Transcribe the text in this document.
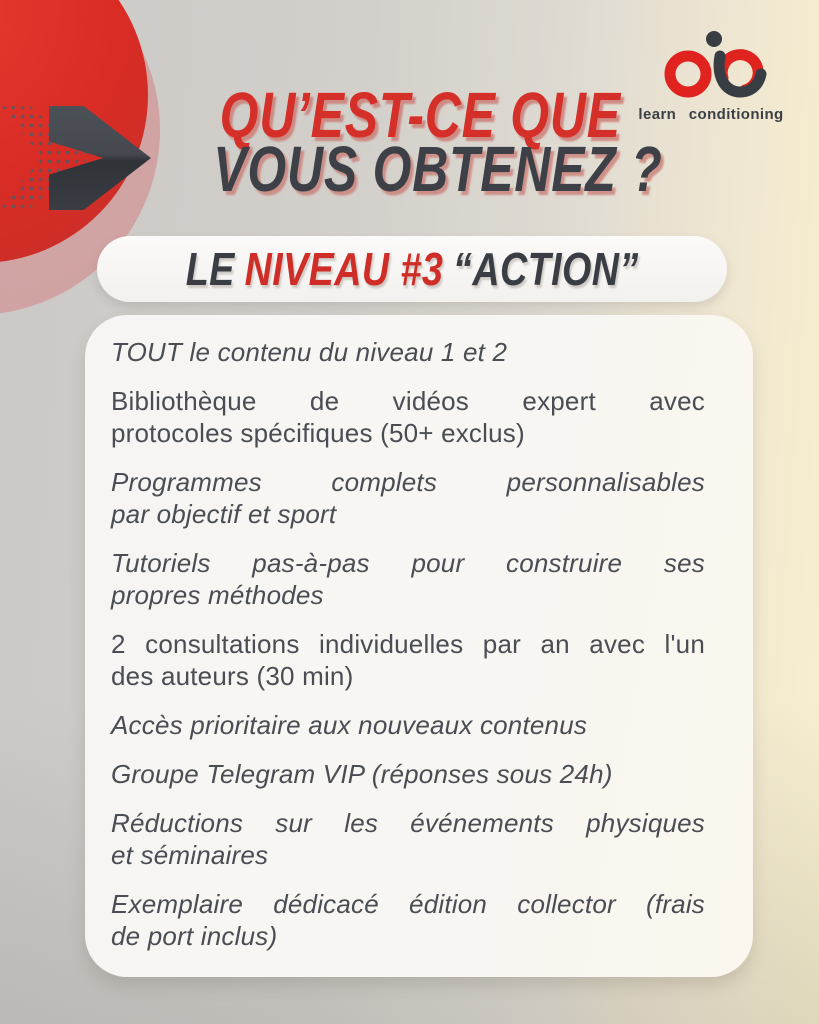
learn conditioning
QU’EST-CE QUE
VOUS OBTENEZ ?
LE NIVEAU #3 “ACTION”
TOUT le contenu du niveau 1 et 2
Bibliothèque de vidéos expert avec
protocoles spécifiques (50+ exclus)
Programmes complets personnalisables
par objectif et sport
Tutoriels pas-à-pas pour construire ses
propres méthodes
2 consultations individuelles par an avec l'un
des auteurs (30 min)
Accès prioritaire aux nouveaux contenus
Groupe Telegram VIP (réponses sous 24h)
Réductions sur les événements physiques
et séminaires
Exemplaire dédicacé édition collector (frais
de port inclus)
